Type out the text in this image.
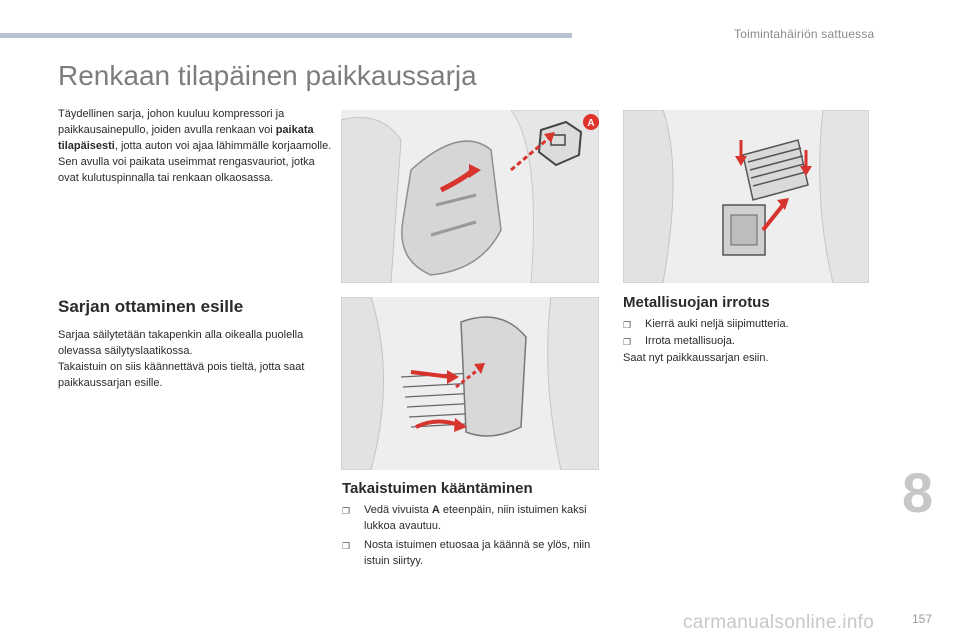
Toimintahäiriön sattuessa
Renkaan tilapäinen paikkaussarja

Täydellinen sarja, johon kuuluu kompressori ja paikkausainepullo, joiden avulla renkaan voi paikata tilapäisesti, jotta auton voi ajaa lähimmälle korjaamolle.

Sen avulla voi paikata useimmat rengasvauriot, jotka ovat kulutuspinnalla tai renkaan olkaosassa.

A
Sarjan ottaminen esille

Sarjaa säilytetään takapenkin alla oikealla puolella olevassa säilytyslaatikossa.

Takaistuin on siis käännettävä pois tieltä, jotta saat paikkaussarjan esille.

Metallisuojan irrotus
❐	Kierrä auki neljä siipimutteria.
❐	Irrota metallisuoja.

Saat nyt paikkaussarjan esiin.

Takaistuimen kääntäminen
❐	Vedä vivuista A eteenpäin, niin istuimen kaksi lukkoa avautuu.
❐	Nosta istuimen etuosaa ja käännä se ylös, niin istuin siirtyy.
8
carmanualsonline.info	157
